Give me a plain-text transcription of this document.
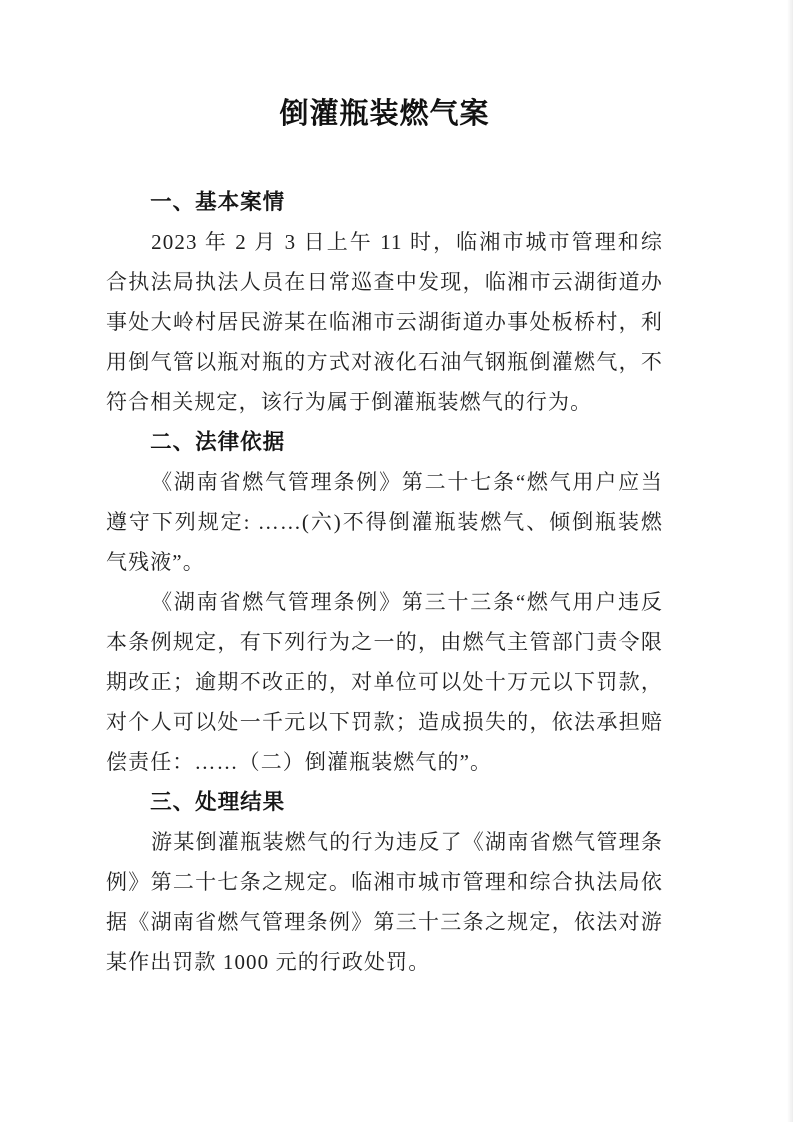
倒灌瓶装燃气案
一、基本案情

2023 年 2 月 3 日上午 11 时，临湘市城市管理和综合执法局执法人员在日常巡查中发现，临湘市云湖街道办事处大岭村居民游某在临湘市云湖街道办事处板桥村，利用倒气管以瓶对瓶的方式对液化石油气钢瓶倒灌燃气，不符合相关规定，该行为属于倒灌瓶装燃气的行为。

二、法律依据

《湖南省燃气管理条例》第二十七条“燃气用户应当遵守下列规定: ……(六)不得倒灌瓶装燃气、倾倒瓶装燃气残液”。

《湖南省燃气管理条例》第三十三条“燃气用户违反本条例规定，有下列行为之一的，由燃气主管部门责令限期改正；逾期不改正的，对单位可以处十万元以下罚款，对个人可以处一千元以下罚款；造成损失的，依法承担赔偿责任：……（二）倒灌瓶装燃气的”。

三、处理结果

游某倒灌瓶装燃气的行为违反了《湖南省燃气管理条例》第二十七条之规定。临湘市城市管理和综合执法局依据《湖南省燃气管理条例》第三十三条之规定，依法对游某作出罚款 1000 元的行政处罚。
